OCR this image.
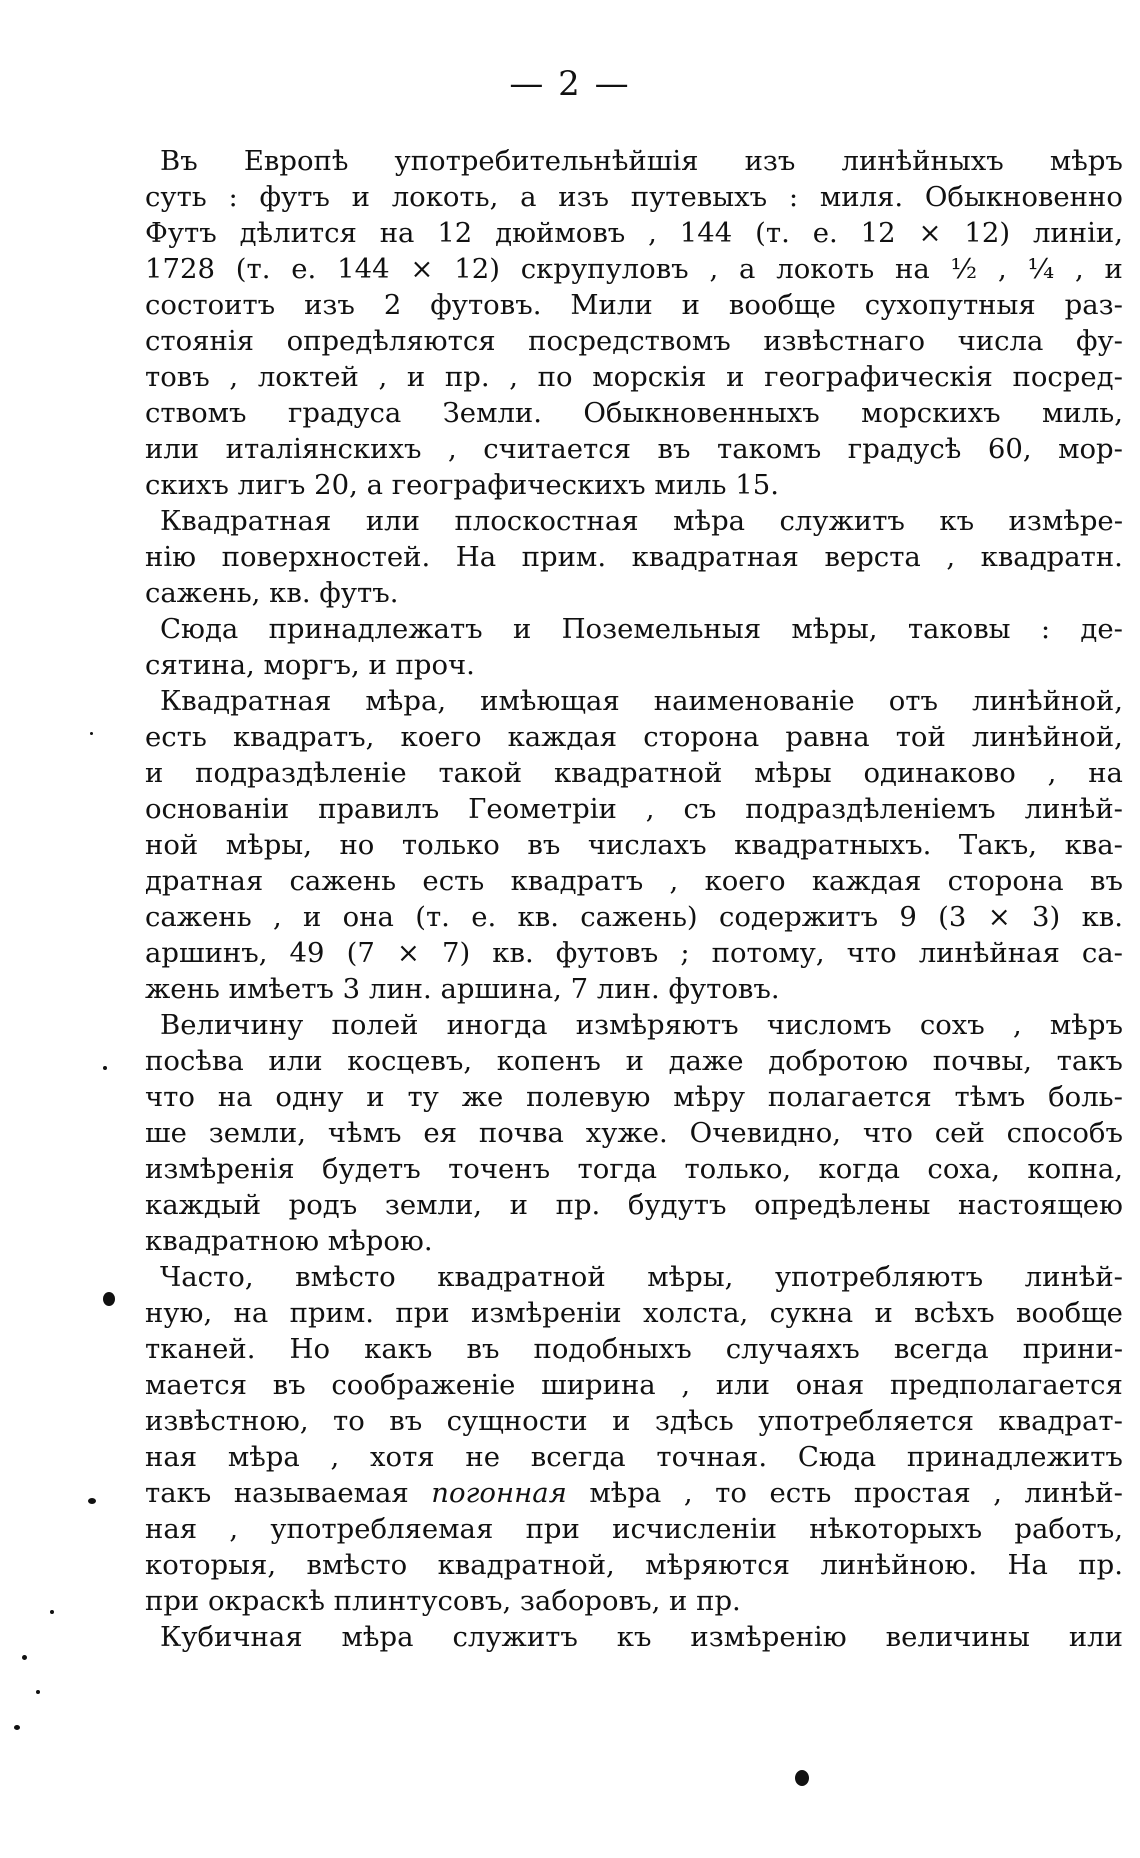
— 2 —
Въ Европѣ употребительнѣйшія изъ линѣйныхъ мѣръ
суть : футъ и локоть, а изъ путевыхъ : миля. Обыкновенно
Футъ дѣлится на 12 дюймовъ , 144 (т. е. 12 ⨯ 12) линіи,
1728 (т. е. 144 ⨯ 12) скрупуловъ , а локоть на ½ , ¼ , и
состоитъ изъ 2 футовъ. Мили и вообще сухопутныя раз-
стоянія опредѣляются посредствомъ извѣстнаго числа фу-
товъ , локтей , и пр. , по морскія и географическія посред-
ствомъ градуса Земли. Обыкновенныхъ морскихъ миль,
или италіянскихъ , считается въ такомъ градусѣ 60, мор-
скихъ лигъ 20, а географическихъ миль 15.
Квадратная или плоскостная мѣра служитъ къ измѣре-
нію поверхностей. На прим. квадратная верста , квадратн.
сажень, кв. футъ.
Сюда принадлежатъ и Поземельныя мѣры, таковы : де-
сятина, моргъ, и проч.
Квадратная мѣра, имѣющая наименованіе отъ линѣйной,
есть квадратъ, коего каждая сторона равна той линѣйной,
и подраздѣленіе такой квадратной мѣры одинаково , на
основаніи правилъ Геометріи , съ подраздѣленіемъ линѣй-
ной мѣры, но только въ числахъ квадратныхъ. Такъ, ква-
дратная сажень есть квадратъ , коего каждая сторона въ
сажень , и она (т. е. кв. сажень) содержитъ 9 (3 ⨯ 3) кв.
аршинъ, 49 (7 ⨯ 7) кв. футовъ ; потому, что линѣйная са-
жень имѣетъ 3 лин. аршина, 7 лин. футовъ.
Величину полей иногда измѣряютъ числомъ сохъ , мѣръ
посѣва или косцевъ, копенъ и даже добротою почвы, такъ
что на одну и ту же полевую мѣру полагается тѣмъ боль-
ше земли, чѣмъ ея почва хуже. Очевидно, что сей способъ
измѣренія будетъ точенъ тогда только, когда соха, копна,
каждый родъ земли, и пр. будутъ опредѣлены настоящею
квадратною мѣрою.
Часто, вмѣсто квадратной мѣры, употребляютъ линѣй-
ную, на прим. при измѣреніи холста, сукна и всѣхъ вообще
тканей. Но какъ въ подобныхъ случаяхъ всегда прини-
мается въ соображеніе ширина , или оная предполагается
извѣстною, то въ сущности и здѣсь употребляется квадрат-
ная мѣра , хотя не всегда точная. Сюда принадлежитъ
такъ называемая погонная мѣра , то есть простая , линѣй-
ная , употребляемая при исчисленіи нѣкоторыхъ работъ,
которыя, вмѣсто квадратной, мѣряются линѣйною. На пр.
при окраскѣ плинтусовъ, заборовъ, и пр.
Кубичная мѣра служитъ къ измѣренію величины или
